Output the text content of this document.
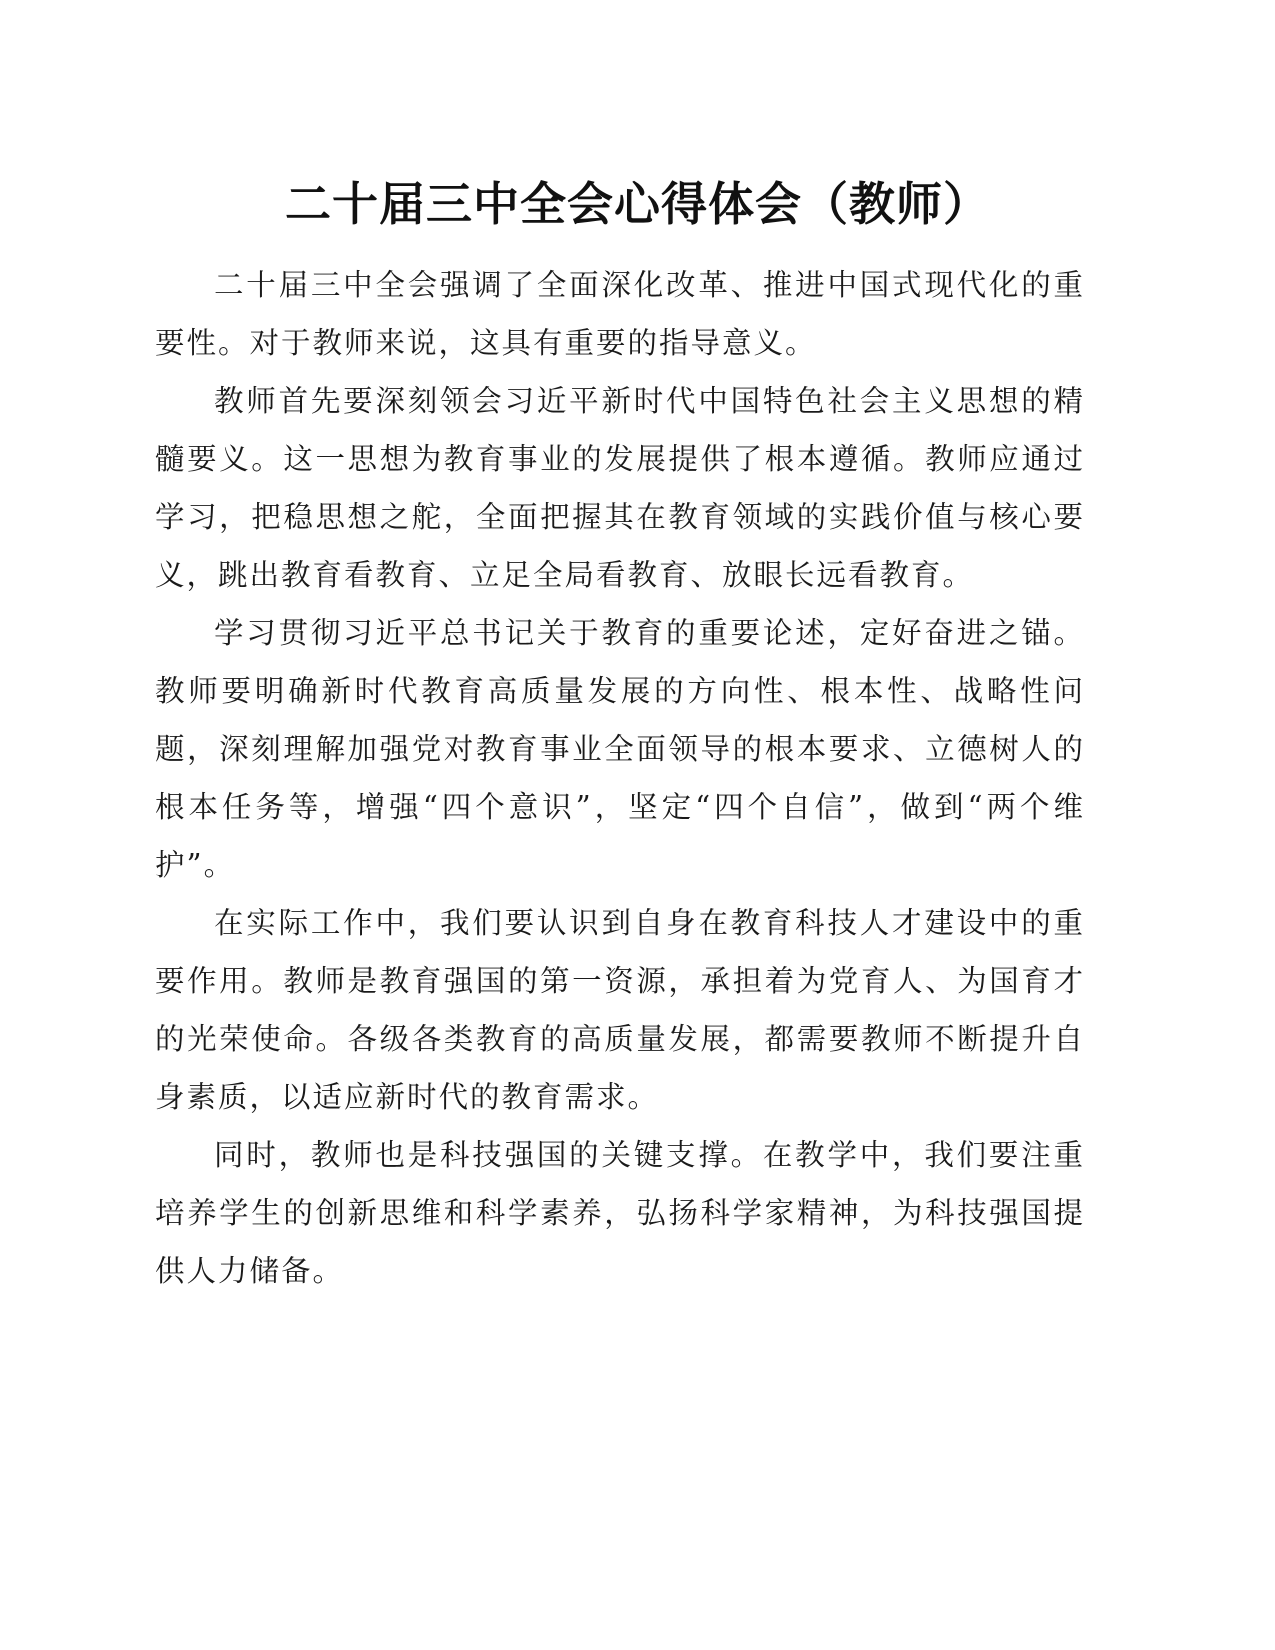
二十届三中全会心得体会（教师）

二十届三中全会强调了全面深化改革、推进中国式现代化的重要性。对于教师来说，这具有重要的指导意义。

教师首先要深刻领会习近平新时代中国特色社会主义思想的精髓要义。这一思想为教育事业的发展提供了根本遵循。教师应通过学习，把稳思想之舵，全面把握其在教育领域的实践价值与核心要义，跳出教育看教育、立足全局看教育、放眼长远看教育。

学习贯彻习近平总书记关于教育的重要论述，定好奋进之锚。教师要明确新时代教育高质量发展的方向性、根本性、战略性问题，深刻理解加强党对教育事业全面领导的根本要求、立德树人的根本任务等，增强“四个意识”，坚定“四个自信”，做到“两个维护”。

在实际工作中，我们要认识到自身在教育科技人才建设中的重要作用。教师是教育强国的第一资源，承担着为党育人、为国育才的光荣使命。各级各类教育的高质量发展，都需要教师不断提升自身素质，以适应新时代的教育需求。

同时，教师也是科技强国的关键支撑。在教学中，我们要注重培养学生的创新思维和科学素养，弘扬科学家精神，为科技强国提供人力储备。
